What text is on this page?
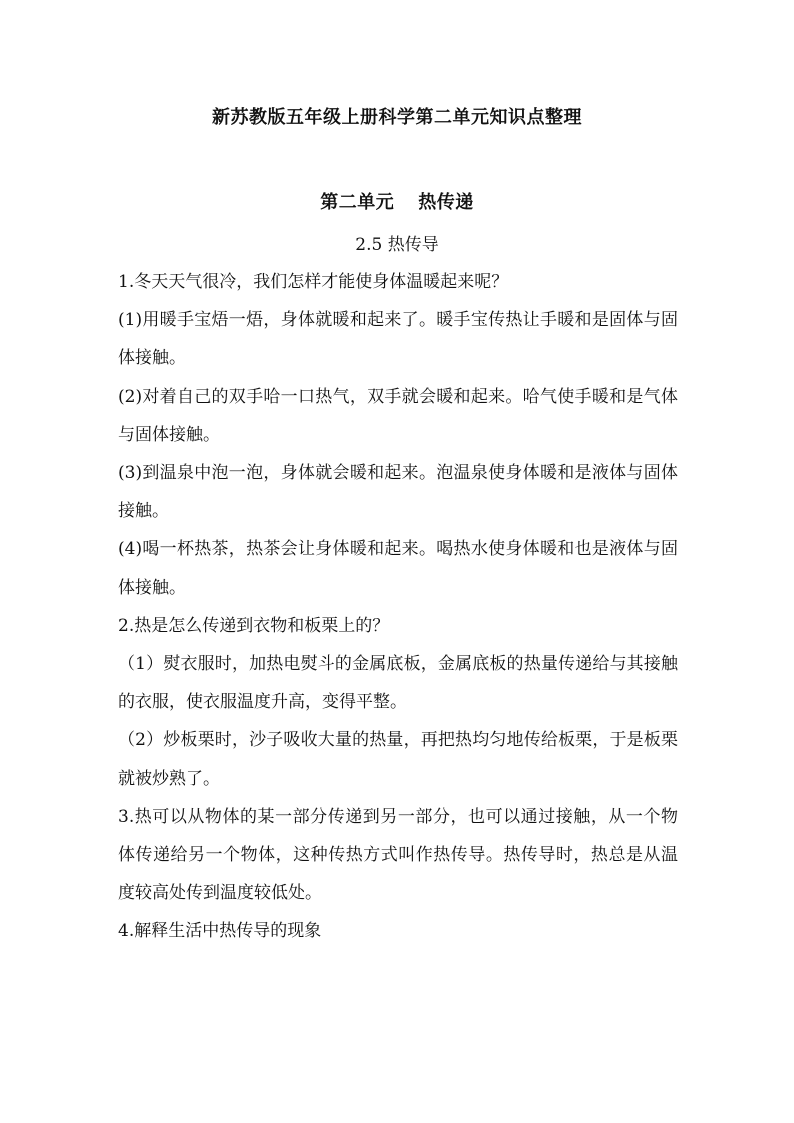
新苏教版五年级上册科学第二单元知识点整理
第二单元 热传递
2.5 热传导

1.冬天天气很冷，我们怎样才能使身体温暖起来呢？

(1)用暖手宝焐一焐，身体就暖和起来了。暖手宝传热让手暖和是固体与固体接触。

(2)对着自己的双手哈一口热气，双手就会暖和起来。哈气使手暖和是气体与固体接触。

(3)到温泉中泡一泡，身体就会暖和起来。泡温泉使身体暖和是液体与固体接触。

(4)喝一杯热茶，热茶会让身体暖和起来。喝热水使身体暖和也是液体与固体接触。

2.热是怎么传递到衣物和板栗上的？

（1）熨衣服时，加热电熨斗的金属底板，金属底板的热量传递给与其接触的衣服，使衣服温度升高，变得平整。

（2）炒板栗时，沙子吸收大量的热量，再把热均匀地传给板栗，于是板栗就被炒熟了。

3.热可以从物体的某一部分传递到另一部分，也可以通过接触，从一个物体传递给另一个物体，这种传热方式叫作热传导。热传导时，热总是从温度较高处传到温度较低处。

4.解释生活中热传导的现象
